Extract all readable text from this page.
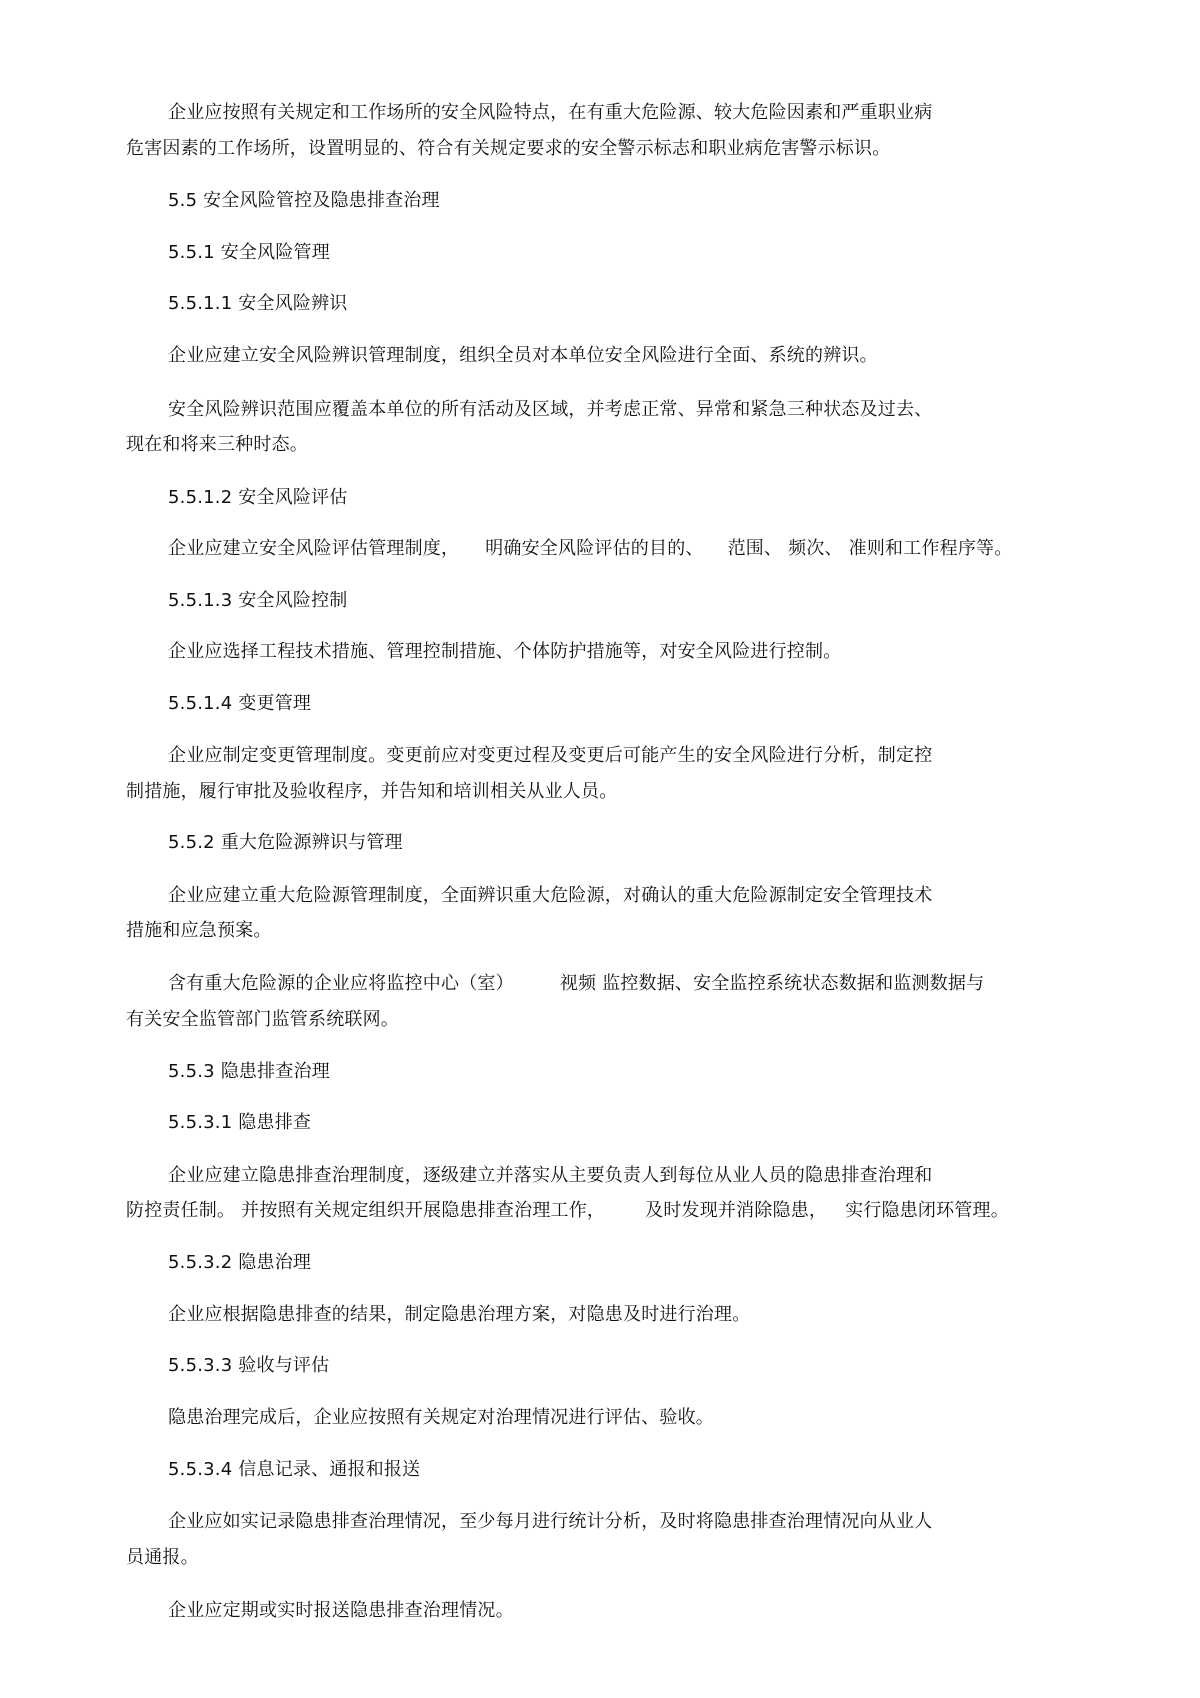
企业应按照有关规定和工作场所的安全风险特点，在有重大危险源、较大危险因素和严重职业病
危害因素的工作场所，设置明显的、符合有关规定要求的安全警示标志和职业病危害警示标识。
5.5 安全风险管控及隐患排查治理
5.5.1 安全风险管理
5.5.1.1 安全风险辨识
企业应建立安全风险辨识管理制度，组织全员对本单位安全风险进行全面、系统的辨识。
安全风险辨识范围应覆盖本单位的所有活动及区域，并考虑正常、异常和紧急三种状态及过去、
现在和将来三种时态。
5.5.1.2 安全风险评估
企业应建立安全风险评估管理制度， 明确安全风险评估的目的、 范围、 频次、 准则和工作程序等。
5.5.1.3 安全风险控制
企业应选择工程技术措施、管理控制措施、个体防护措施等，对安全风险进行控制。
5.5.1.4 变更管理
企业应制定变更管理制度。变更前应对变更过程及变更后可能产生的安全风险进行分析，制定控
制措施，履行审批及验收程序，并告知和培训相关从业人员。
5.5.2 重大危险源辨识与管理
企业应建立重大危险源管理制度，全面辨识重大危险源，对确认的重大危险源制定安全管理技术
措施和应急预案。
含有重大危险源的企业应将监控中心（室）	视频 监控数据、安全监控系统状态数据和监测数据与
有关安全监管部门监管系统联网。
5.5.3 隐患排查治理
5.5.3.1 隐患排查
企业应建立隐患排查治理制度，逐级建立并落实从主要负责人到每位从业人员的隐患排查治理和
防控责任制。 并按照有关规定组织开展隐患排查治理工作， 及时发现并消除隐患， 实行隐患闭环管理。
5.5.3.2 隐患治理
企业应根据隐患排查的结果，制定隐患治理方案，对隐患及时进行治理。
5.5.3.3 验收与评估
隐患治理完成后，企业应按照有关规定对治理情况进行评估、验收。
5.5.3.4 信息记录、通报和报送
企业应如实记录隐患排查治理情况，至少每月进行统计分析，及时将隐患排查治理情况向从业人
员通报。
企业应定期或实时报送隐患排查治理情况。
